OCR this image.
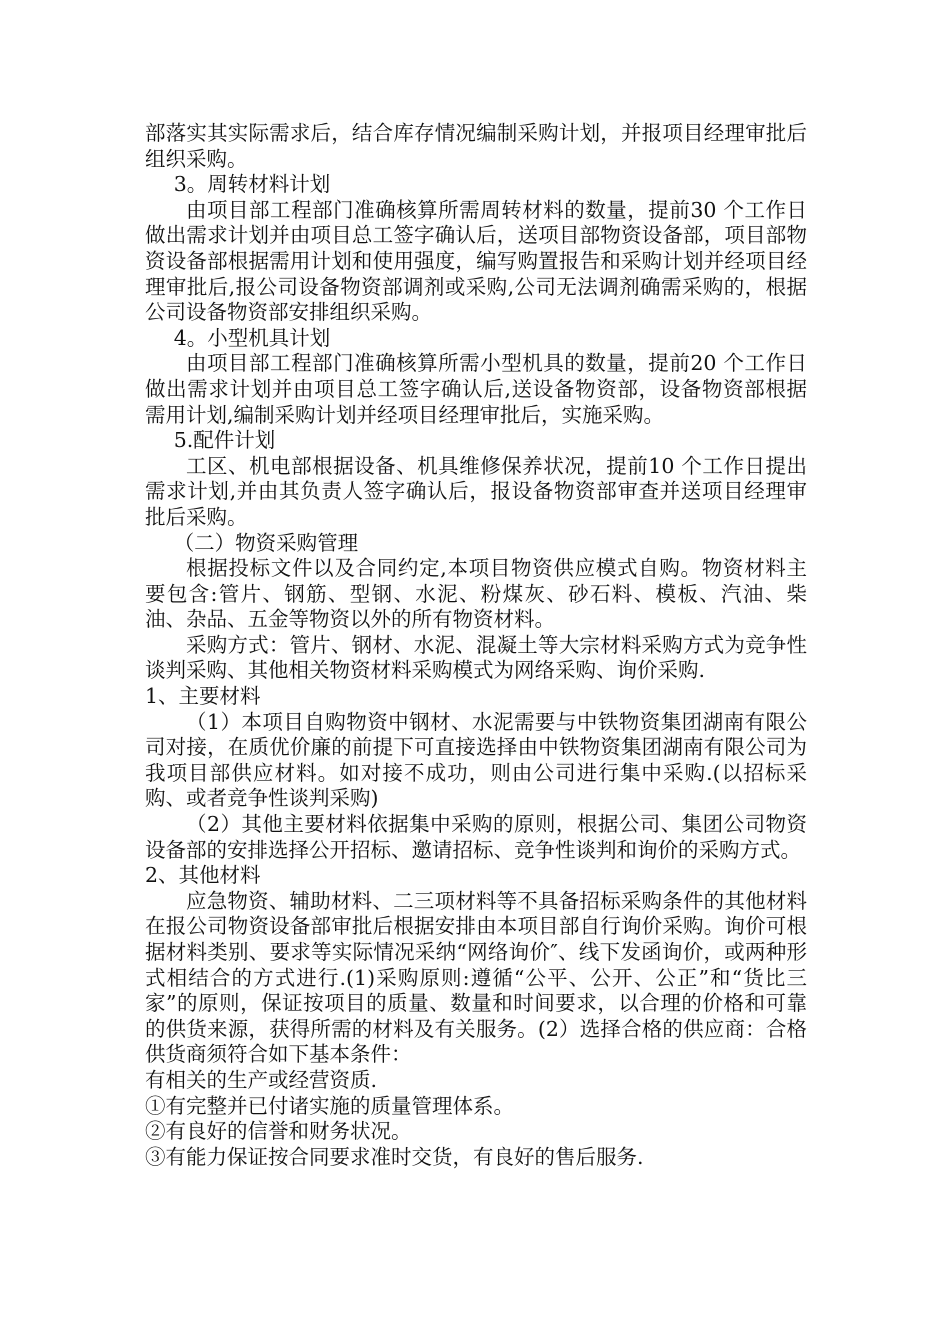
部落实其实际需求后，结合库存情况编制采购计划，并报项目经理审批后组织采购。

3。周转材料计划

由项目部工程部门准确核算所需周转材料的数量，提前30 个工作日做出需求计划并由项目总工签字确认后，送项目部物资设备部，项目部物资设备部根据需用计划和使用强度，编写购置报告和采购计划并经项目经理审批后,报公司设备物资部调剂或采购,公司无法调剂确需采购的，根据公司设备物资部安排组织采购。

4。小型机具计划

由项目部工程部门准确核算所需小型机具的数量，提前20 个工作日做出需求计划并由项目总工签字确认后,送设备物资部，设备物资部根据需用计划,编制采购计划并经项目经理审批后，实施采购。

5.配件计划

工区、机电部根据设备、机具维修保养状况，提前10 个工作日提出需求计划,并由其负责人签字确认后，报设备物资部审查并送项目经理审批后采购。

（二）物资采购管理

根据投标文件以及合同约定,本项目物资供应模式自购。物资材料主要包含:管片、钢筋、型钢、水泥、粉煤灰、砂石料、模板、汽油、柴油、杂品、五金等物资以外的所有物资材料。

采购方式：管片、钢材、水泥、混凝土等大宗材料采购方式为竞争性谈判采购、其他相关物资材料采购模式为网络采购、询价采购.

1、主要材料

（1）本项目自购物资中钢材、水泥需要与中铁物资集团湖南有限公司对接，在质优价廉的前提下可直接选择由中铁物资集团湖南有限公司为我项目部供应材料。如对接不成功，则由公司进行集中采购.(以招标采购、或者竞争性谈判采购)

（2）其他主要材料依据集中采购的原则，根据公司、集团公司物资设备部的安排选择公开招标、邀请招标、竞争性谈判和询价的采购方式。

2、其他材料

应急物资、辅助材料、二三项材料等不具备招标采购条件的其他材料在报公司物资设备部审批后根据安排由本项目部自行询价采购。询价可根据材料类别、要求等实际情况采纳“网络询价″、线下发函询价，或两种形式相结合的方式进行.(1)采购原则:遵循“公平、公开、公正”和“货比三家”的原则，保证按项目的质量、数量和时间要求，以合理的价格和可靠的供货来源，获得所需的材料及有关服务。(2）选择合格的供应商：合格供货商须符合如下基本条件：

有相关的生产或经营资质.

①有完整并已付诸实施的质量管理体系。

②有良好的信誉和财务状况。

③有能力保证按合同要求准时交货，有良好的售后服务.
